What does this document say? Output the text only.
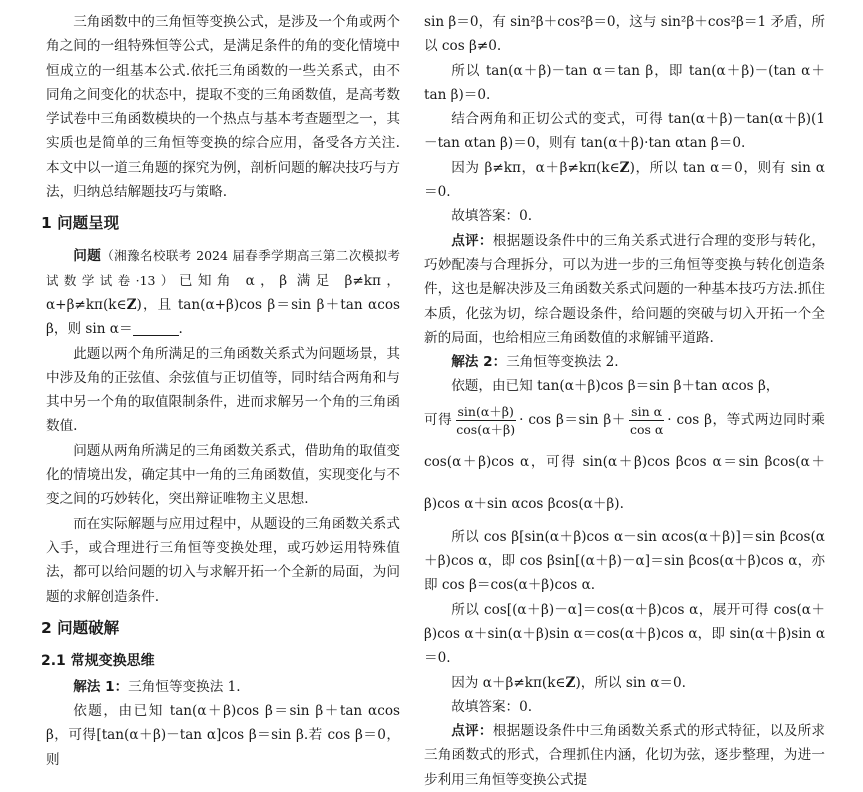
三角函数中的三角恒等变换公式，是涉及一个角或两个角之间的一组特殊恒等公式，是满足条件的角的变化情境中恒成立的一组基本公式.依托三角函数的一些关系式，由不同角之间变化的状态中，提取不变的三角函数值，是高考数学试卷中三角函数模块的一个热点与基本考查题型之一，其实质也是简单的三角恒等变换的综合应用，备受各方关注.本文中以一道三角题的探究为例，剖析问题的解决技巧与方法，归纳总结解题技巧与策略.

1 问题呈现

问题（湘豫名校联考 2024 届春季学期高三第二次模拟考试数学试卷·13）已知角 α，β 满足 β≠kπ，α+β≠kπ(k∈Z)，且 tan(α+β)cos β＝sin β＋tan αcos β，则 sin α＝	.

此题以两个角所满足的三角函数关系式为问题场景，其中涉及角的正弦值、余弦值与正切值等，同时结合两角和与其中另一个角的取值限制条件，进而求解另一个角的三角函数值.

问题从两角所满足的三角函数关系式，借助角的取值变化的情境出发，确定其中一角的三角函数值，实现变化与不变之间的巧妙转化，突出辩证唯物主义思想.

而在实际解题与应用过程中，从题设的三角函数关系式入手，或合理进行三角恒等变换处理，或巧妙运用特殊值法，都可以给问题的切入与求解开拓一个全新的局面，为问题的求解创造条件.

2 问题破解
2.1 常规变换思维

解法 1：三角恒等变换法 1.

依题，由已知 tan(α＋β)cos β＝sin β＋tan αcos β，可得[tan(α＋β)－tan α]cos β＝sin β.若 cos β＝0，则

sin β＝0，有 sin²β＋cos²β＝0，这与 sin²β＋cos²β＝1 矛盾，所以 cos β≠0.

所以 tan(α＋β)－tan α＝tan β，即 tan(α＋β)－(tan α＋tan β)＝0.

结合两角和正切公式的变式，可得 tan(α＋β)－tan(α＋β)(1－tan αtan β)＝0，则有 tan(α＋β)·tan αtan β＝0.

因为 β≠kπ，α＋β≠kπ(k∈Z)，所以 tan α＝0，则有 sin α＝0.

故填答案：0.

点评：根据题设条件中的三角关系式进行合理的变形与转化，巧妙配凑与合理拆分，可以为进一步的三角恒等变换与转化创造条件，这也是解决涉及三角函数关系式问题的一种基本技巧方法.抓住本质，化弦为切，综合题设条件，给问题的突破与切入开拓一个全新的局面，也给相应三角函数值的求解铺平道路.

解法 2：三角恒等变换法 2.

依题，由已知 tan(α＋β)cos β＝sin β＋tan αcos β，

可得 $\frac{\sin(\alpha+\beta)}{\cos(\alpha+\beta)} \cdot \cos \beta=\sin$ $\beta+ \frac{\text{sin α}}{\text{cos α}} \cdot \cos \beta$，等式两边同时乘 cos(α＋β)cos α，可得 sin(α＋β)cos βcos α＝sin βcos(α＋β)cos α＋sin αcos βcos(α＋β).

所以 cos β[sin(α＋β)cos α－sin αcos(α＋β)]＝sin βcos(α＋β)cos α，即 cos βsin[(α＋β)－α]＝sin βcos(α＋β)cos α，亦即 cos β＝cos(α＋β)cos α.

所以 cos[(α＋β)－α]＝cos(α＋β)cos α，展开可得 cos(α＋β)cos α＋sin(α＋β)sin α＝cos(α＋β)cos α，即 sin(α＋β)sin α＝0.

因为 α＋β≠kπ(k∈Z)，所以 sin α＝0.

故填答案：0.

点评：根据题设条件中三角函数关系式的形式特征，以及所求三角函数式的形式，合理抓住内涵，化切为弦，逐步整理，为进一步利用三角恒等变换公式提
